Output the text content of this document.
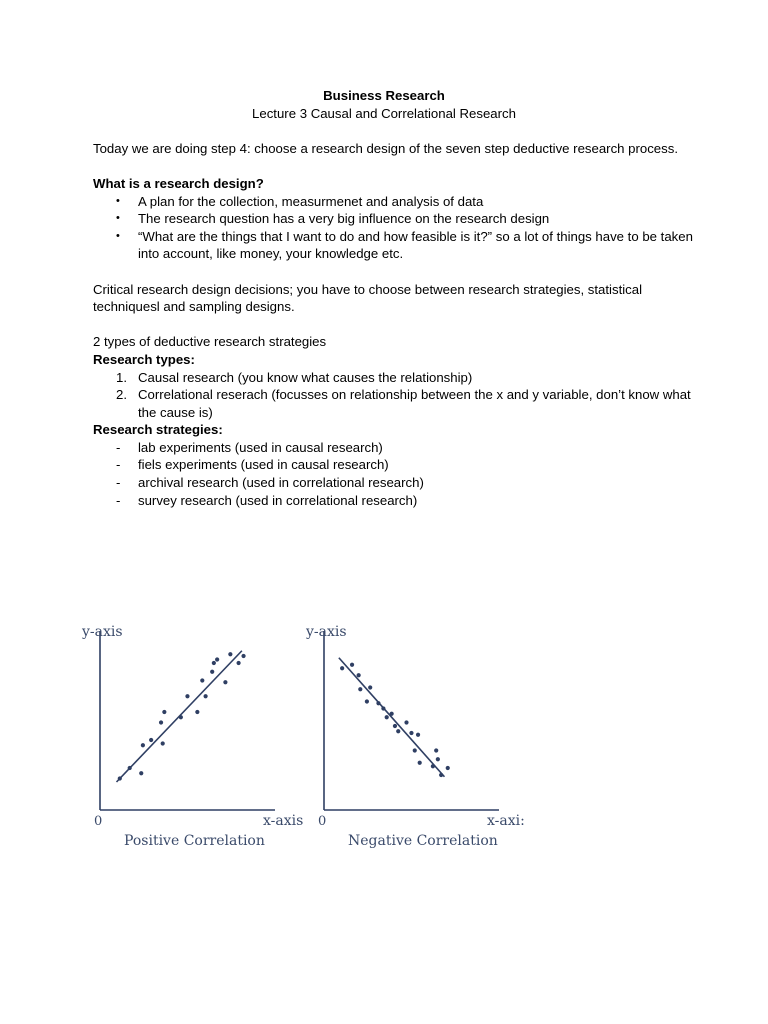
Business Research

Lecture 3 Causal and Correlational Research

Today we are doing step 4: choose a research design of the seven step deductive research process.

What is a research design?

• A plan for the collection, measurmenet and analysis of data
• The research question has a very big influence on the research design
• “What are the things that I want to do and how feasible is it?” so a lot of things have to be taken into account, like money, your knowledge etc.

Critical research design decisions; you have to choose between research strategies, statistical techniquesl and sampling designs.

2 types of deductive research strategies

Research types:

1. Causal research (you know what causes the relationship)
2. Correlational reserach (focusses on relationship between the x and y variable, don’t know what the cause is)

Research strategies:

- lab experiments (used in causal research)
- fiels experiments (used in causal research)
- archival research (used in correlational research)
- survey research (used in correlational research)
y-axis
x-axis
0
Positive Correlation
y-axis
x-axi:
0
Negative Correlation
